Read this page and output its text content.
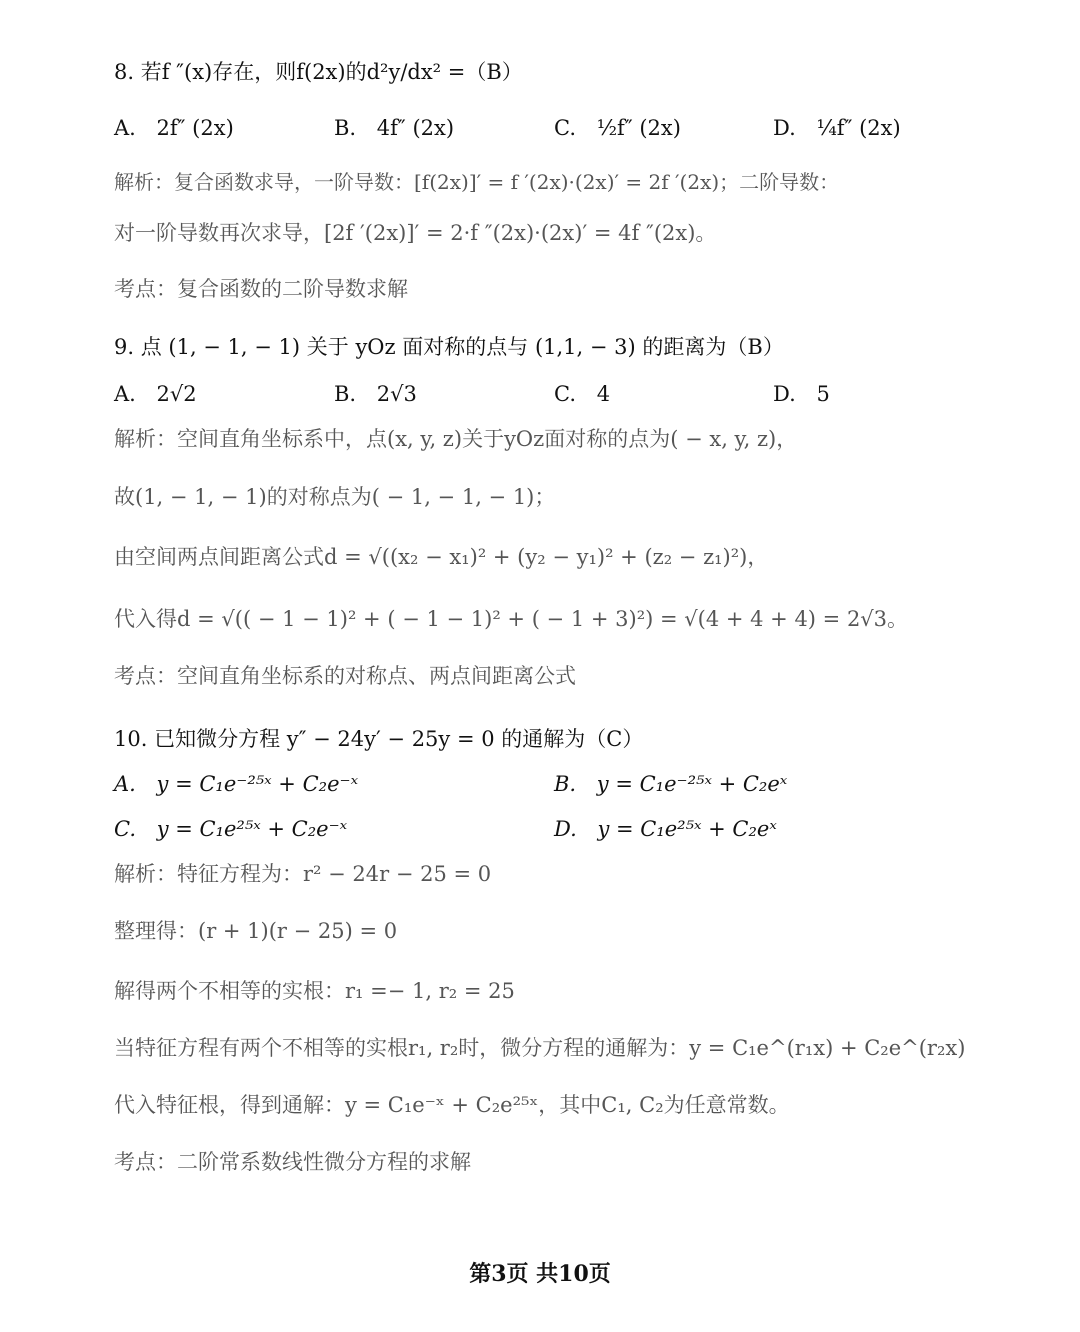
8. 若f ″(x)存在，则f(2x)的d²y/dx² =（B）
A. 2f″ (2x)	B. 4f″ (2x)	C. ½f″ (2x)	D. ¼f″ (2x)
解析：复合函数求导，一阶导数：[f(2x)]′ = f ′(2x)·(2x)′ = 2f ′(2x)；二阶导数：
对一阶导数再次求导，[2f ′(2x)]′ = 2·f ″(2x)·(2x)′ = 4f ″(2x)。
考点：复合函数的二阶导数求解
9. 点 (1, − 1, − 1) 关于 yOz 面对称的点与 (1,1, − 3) 的距离为（B）
A. 2√2	B. 2√3	C. 4	D. 5
解析：空间直角坐标系中，点(x, y, z)关于yOz面对称的点为( − x, y, z)，
故(1, − 1, − 1)的对称点为( − 1, − 1, − 1)；
由空间两点间距离公式d = √((x₂ − x₁)² + (y₂ − y₁)² + (z₂ − z₁)²)，
代入得d = √(( − 1 − 1)² + ( − 1 − 1)² + ( − 1 + 3)²) = √(4 + 4 + 4) = 2√3。
考点：空间直角坐标系的对称点、两点间距离公式
10. 已知微分方程 y″ − 24y′ − 25y = 0 的通解为（C）
A. y = C₁e⁻²⁵ˣ + C₂e⁻ˣ	B. y = C₁e⁻²⁵ˣ + C₂eˣ
C. y = C₁e²⁵ˣ + C₂e⁻ˣ	D. y = C₁e²⁵ˣ + C₂eˣ
解析：特征方程为：r² − 24r − 25 = 0
整理得：(r + 1)(r − 25) = 0
解得两个不相等的实根：r₁ =− 1, r₂ = 25
当特征方程有两个不相等的实根r₁, r₂时，微分方程的通解为：y = C₁e^(r₁x) + C₂e^(r₂x)
代入特征根，得到通解：y = C₁e⁻ˣ + C₂e²⁵ˣ，其中C₁, C₂为任意常数。
考点：二阶常系数线性微分方程的求解
第3页 共10页
